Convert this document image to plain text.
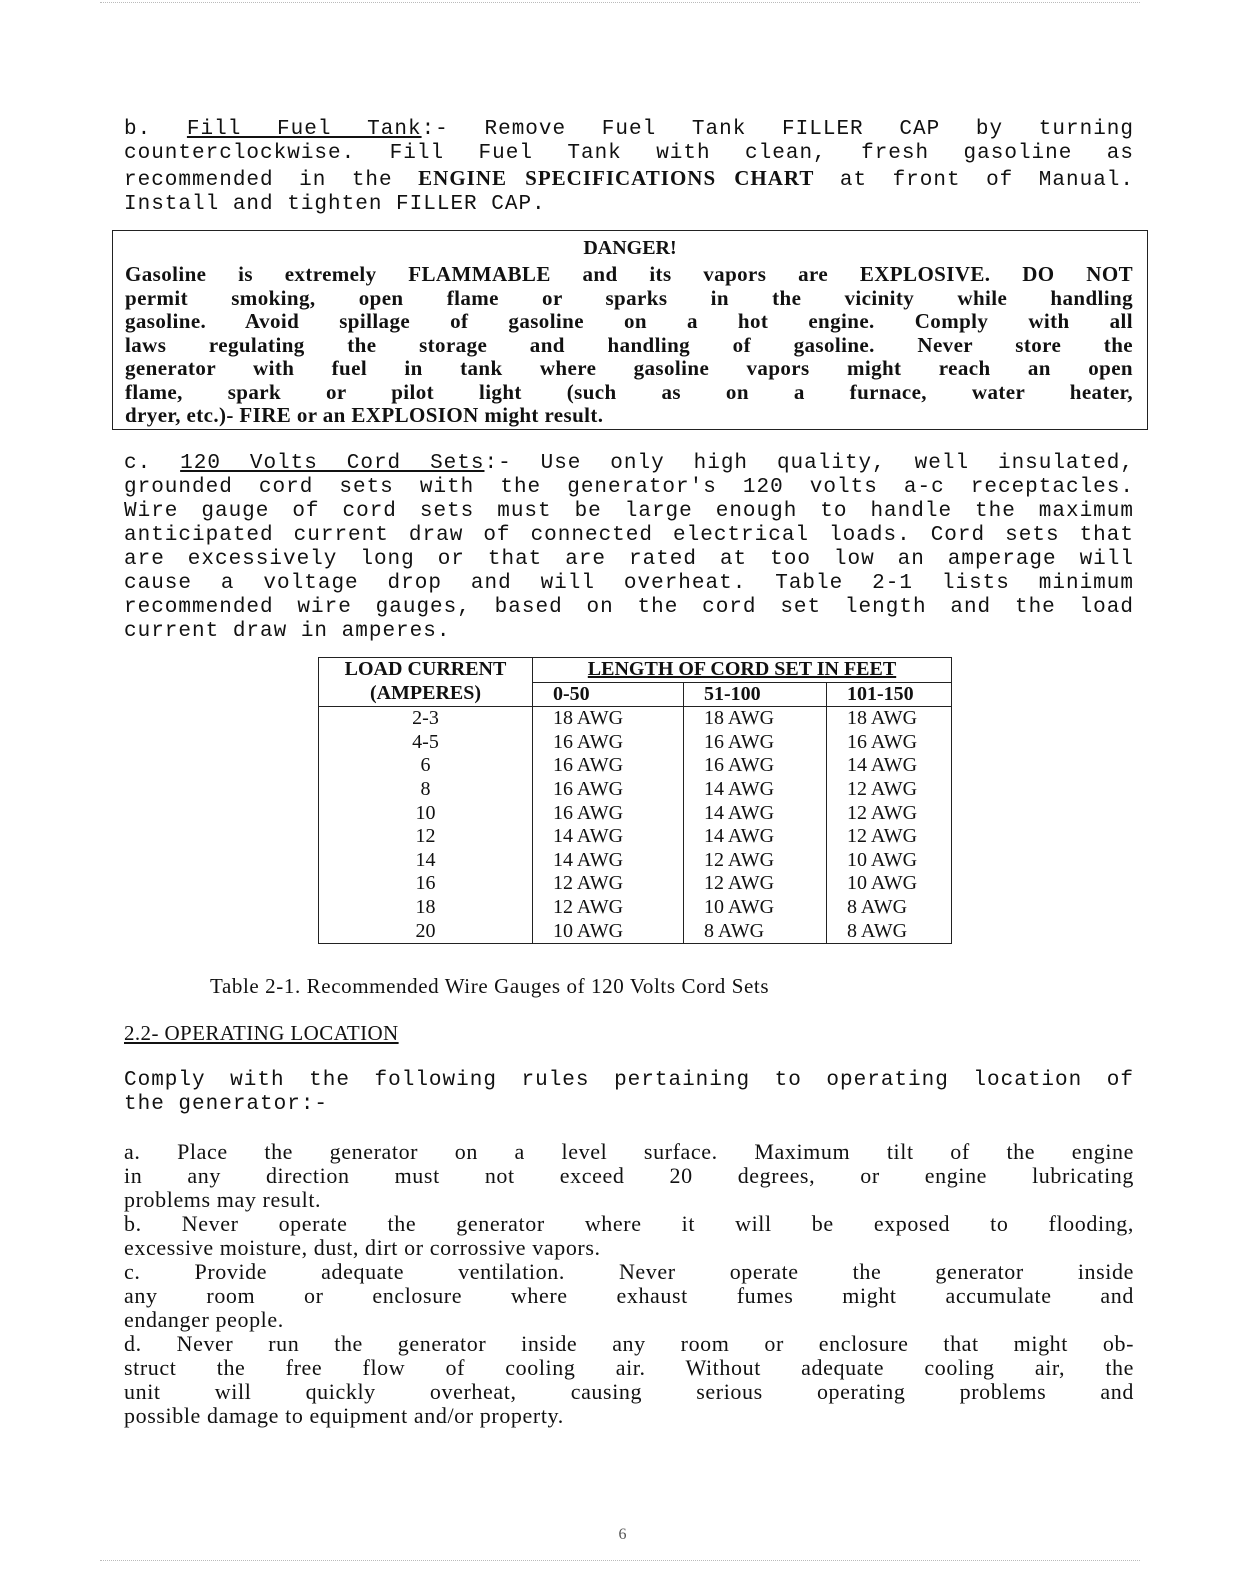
b. Fill Fuel Tank:- Remove Fuel Tank FILLER CAP by turning
counterclockwise. Fill Fuel Tank with clean, fresh gasoline as
recommended in the ENGINE SPECIFICATIONS CHART at front of Manual.
Install and tighten FILLER CAP.
DANGER!
Gasoline is extremely FLAMMABLE and its vapors are EXPLOSIVE. DO NOT
permit smoking, open flame or sparks in the vicinity while handling
gasoline. Avoid spillage of gasoline on a hot engine. Comply with all
laws regulating the storage and handling of gasoline. Never store the
generator with fuel in tank where gasoline vapors might reach an open
flame, spark or pilot light (such as on a furnace, water heater,
dryer, etc.)- FIRE or an EXPLOSION might result.
c. 120 Volts Cord Sets:- Use only high quality, well insulated,
grounded cord sets with the generator's 120 volts a-c receptacles.
Wire gauge of cord sets must be large enough to handle the maximum
anticipated current draw of connected electrical loads. Cord sets that
are excessively long or that are rated at too low an amperage will
cause a voltage drop and will overheat. Table 2-1 lists minimum
recommended wire gauges, based on the cord set length and the load
current draw in amperes.
LOAD CURRENT	LENGTH OF CORD SET IN FEET		
(AMPERES)	0-50	51-100	101-150
2-3	18 AWG	18 AWG	18 AWG
4-5	16 AWG	16 AWG	16 AWG
6	16 AWG	16 AWG	14 AWG
8	16 AWG	14 AWG	12 AWG
10	16 AWG	14 AWG	12 AWG
12	14 AWG	14 AWG	12 AWG
14	14 AWG	12 AWG	10 AWG
16	12 AWG	12 AWG	10 AWG
18	12 AWG	10 AWG	8 AWG
20	10 AWG	8 AWG	8 AWG
Table 2-1. Recommended Wire Gauges of 120 Volts Cord Sets
2.2- OPERATING LOCATION
Comply with the following rules pertaining to operating location of
the generator:-
a. Place the generator on a level surface. Maximum tilt of the engine
in any direction must not exceed 20 degrees, or engine lubricating
problems may result.
b. Never operate the generator where it will be exposed to flooding,
excessive moisture, dust, dirt or corrossive vapors.
c. Provide adequate ventilation. Never operate the generator inside
any room or enclosure where exhaust fumes might accumulate and
endanger people.
d. Never run the generator inside any room or enclosure that might ob-
struct the free flow of cooling air. Without adequate cooling air, the
unit will quickly overheat, causing serious operating problems and
possible damage to equipment and/or property.
6
